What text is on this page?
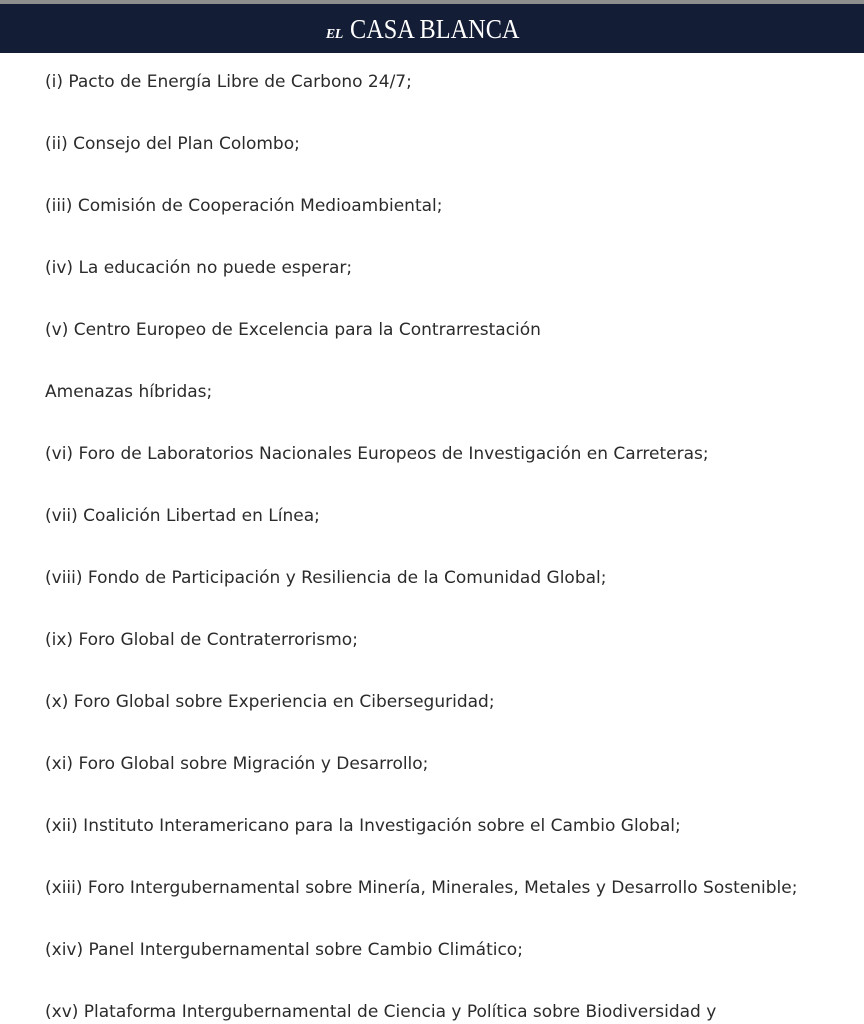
EL CASA BLANCA
(i) Pacto de Energía Libre de Carbono 24/7;
(ii) Consejo del Plan Colombo;
(iii) Comisión de Cooperación Medioambiental;
(iv) La educación no puede esperar;
(v) Centro Europeo de Excelencia para la Contrarrestación
Amenazas híbridas;
(vi) Foro de Laboratorios Nacionales Europeos de Investigación en Carreteras;
(vii) Coalición Libertad en Línea;
(viii) Fondo de Participación y Resiliencia de la Comunidad Global;
(ix) Foro Global de Contraterrorismo;
(x) Foro Global sobre Experiencia en Ciberseguridad;
(xi) Foro Global sobre Migración y Desarrollo;
(xii) Instituto Interamericano para la Investigación sobre el Cambio Global;
(xiii) Foro Intergubernamental sobre Minería, Minerales, Metales y Desarrollo Sostenible;
(xiv) Panel Intergubernamental sobre Cambio Climático;
(xv) Plataforma Intergubernamental de Ciencia y Política sobre Biodiversidad y
